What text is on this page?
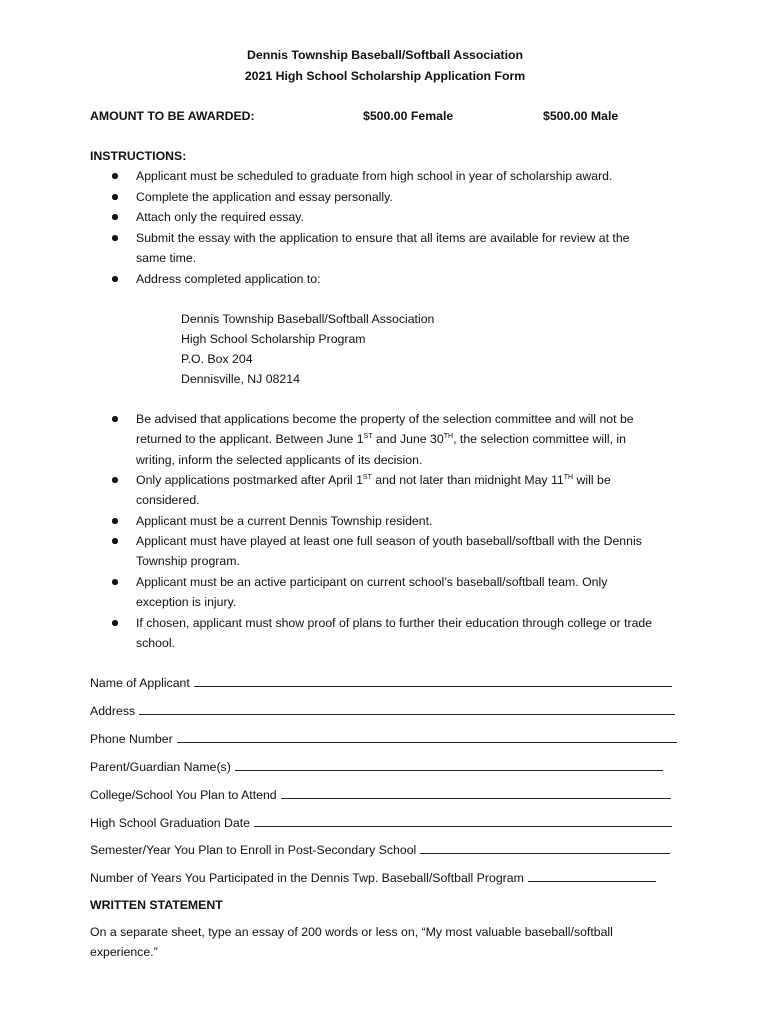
Dennis Township Baseball/Softball Association
2021 High School Scholarship Application Form
AMOUNT TO BE AWARDED:	$500.00 Female	$500.00 Male
INSTRUCTIONS:
Applicant must be scheduled to graduate from high school in year of scholarship award.
Complete the application and essay personally.
Attach only the required essay.
Submit the essay with the application to ensure that all items are available for review at the same time.
Address completed application to:
Dennis Township Baseball/Softball Association
High School Scholarship Program
P.O. Box 204
Dennisville, NJ 08214
Be advised that applications become the property of the selection committee and will not be returned to the applicant. Between June 1ST and June 30TH, the selection committee will, in writing, inform the selected applicants of its decision.
Only applications postmarked after April 1ST and not later than midnight May 11TH will be considered.
Applicant must be a current Dennis Township resident.
Applicant must have played at least one full season of youth baseball/softball with the Dennis Township program.
Applicant must be an active participant on current school’s baseball/softball team. Only exception is injury.
If chosen, applicant must show proof of plans to further their education through college or trade school.
Name of Applicant
Address
Phone Number
Parent/Guardian Name(s)
College/School You Plan to Attend
High School Graduation Date
Semester/Year You Plan to Enroll in Post-Secondary School
Number of Years You Participated in the Dennis Twp. Baseball/Softball Program
WRITTEN STATEMENT
On a separate sheet, type an essay of 200 words or less on, “My most valuable baseball/softball experience.”
